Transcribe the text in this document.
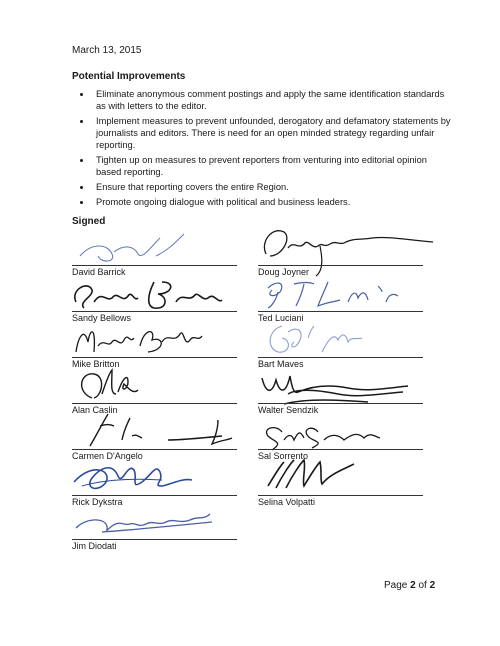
March 13, 2015
Potential Improvements
• Eliminate anonymous comment postings and apply the same identification standards as with letters to the editor.
• Implement measures to prevent unfounded, derogatory and defamatory statements by journalists and editors. There is need for an open minded strategy regarding unfair reporting.
• Tighten up on measures to prevent reporters from venturing into editorial opinion based reporting.
• Ensure that reporting covers the entire Region.
• Promote ongoing dialogue with political and business leaders.
Signed
David Barrick
Sandy Bellows
Mike Britton
Alan Caslin
Carmen D'Angelo
Rick Dykstra
Jim Diodati
Doug Joyner
Ted Luciani
Bart Maves
Walter Sendzik
Sal Sorrento
Selina Volpatti
Page 2 of 2
